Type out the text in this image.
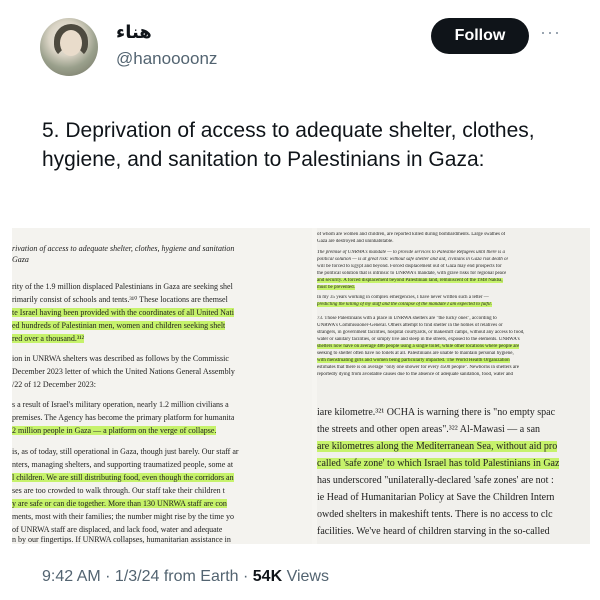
هناء
@hanoooonz
Follow	···
5. Deprivation of access to adequate shelter, clothes, hygiene, and sanitation to Palestinians in Gaza:
rivation of access to adequate shelter, clothes, hygiene and sanitation
Gaza
rity of the 1.9 million displaced Palestinians in Gaza are seeking shel
rimarily consist of schools and tents.³¹⁰ These locations are themsel
te Israel having been provided with the coordinates of all United Nati
ed hundreds of Palestinian men, women and children seeking shelt
red over a thousand.³¹²
ion in UNRWA shelters was described as follows by the Commissic
December 2023 letter of which the United Nations General Assembly
/22 of 12 December 2023:
s a result of Israel's military operation, nearly 1.2 million civilians a
premises. The Agency has become the primary platform for humanita
2 million people in Gaza — a platform on the verge of collapse.
is, as of today, still operational in Gaza, though just barely. Our staff ar
nters, managing shelters, and supporting traumatized people, some at
l children. We are still distributing food, even though the corridors an
ses are too crowded to walk through. Our staff take their children t
y are safe or can die together. More than 130 UNRWA staff are con
ments, most with their families; the number might rise by the time yo
of UNRWA staff are displaced, and lack food, water and adequate
n by our fingertips. If UNRWA collapses, humanitarian assistance in
of whom are women and children, are reported killed during bombardments. Large swathes of
Gaza are destroyed and uninhabitable.
The premise of UNRWA's mandate — to provide services to Palestine Refugees until there is a
political solution — is at great risk: without safe shelter and aid, civilians in Gaza risk death or
will be forced to Egypt and beyond. Forced displacement out of Gaza may end prospects for
the political solution that is intrinsic to UNRWA's mandate, with grave risks for regional peace
and security. A forced displacement beyond Palestinian land, reminiscent of the 1948 Nakba,
must be prevented.
In my 35 years working in complex emergencies, I have never written such a letter —
predicting the killing of my staff and the collapse of the mandate I am expected to fulfil.
73. Those Palestinians with a place in UNRWA shelters are "the lucky ones", according to
UNRWA's Commissioner-General. Others attempt to find shelter in the homes of relatives or
strangers, in government facilities, hospital courtyards, or makeshift camps, without any access to food,
water or sanitary facilities, or simply live and sleep in the streets, exposed to the elements. UNRWA's
shelters now have on average 486 people using a single toilet, while other locations where people are
seeking to shelter often have no toilets at all. Palestinians are unable to maintain personal hygiene,
with menstruating girls and women being particularly impacted. The World Health Organization
estimates that there is on average "only one shower for every 4500 people". Newborns in shelters are
reportedly dying from avoidable causes due to the absence of adequate sanitation, food, water and
iare kilometre.³²¹ OCHA is warning there is "no empty spac
the streets and other open areas".³²² Al-Mawasi — a san
are kilometres along the Mediterranean Sea, without aid pro
called 'safe zone' to which Israel has told Palestinians in Gaz
has underscored "unilaterally-declared 'safe zones' are not :
ie Head of Humanitarian Policy at Save the Children Intern
owded shelters in makeshift tents. There is no access to clc
facilities. We've heard of children starving in the so-called
9:42 AM · 1/3/24 from Earth · 54K Views
